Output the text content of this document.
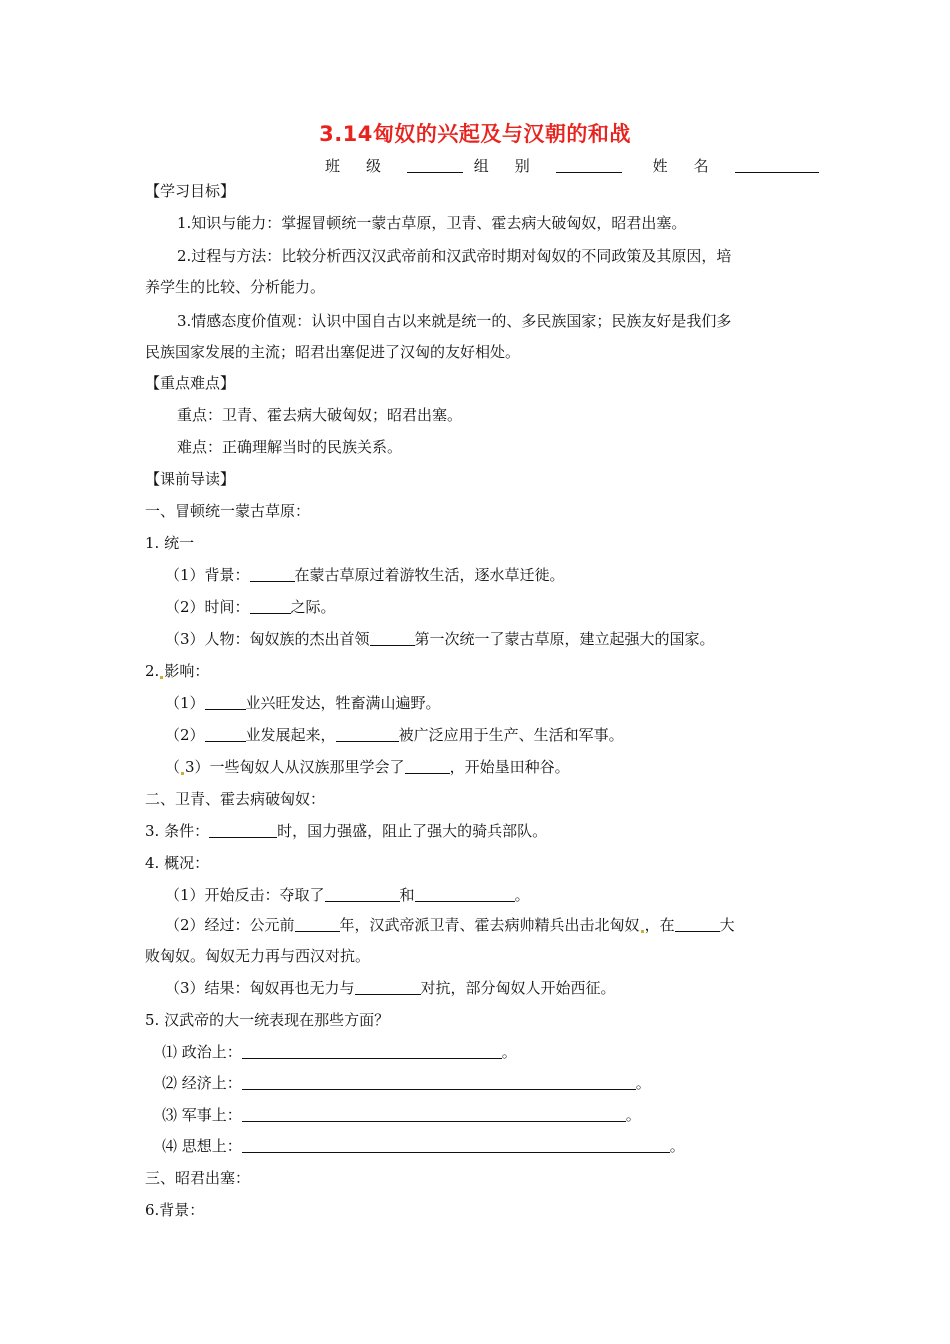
3.14匈奴的兴起及与汉朝的和战
班级	组别	姓名
【学习目标】
1.知识与能力：掌握冒顿统一蒙古草原，卫青、霍去病大破匈奴，昭君出塞。
2.过程与方法：比较分析西汉汉武帝前和汉武帝时期对匈奴的不同政策及其原因，培
养学生的比较、分析能力。
3.情感态度价值观：认识中国自古以来就是统一的、多民族国家；民族友好是我们多
民族国家发展的主流；昭君出塞促进了汉匈的友好相处。
【重点难点】
重点：卫青、霍去病大破匈奴；昭君出塞。
难点：正确理解当时的民族关系。
【课前导读】
一、冒顿统一蒙古草原：
1. 统一
（1）背景：	在蒙古草原过着游牧生活，逐水草迁徙。
（2）时间：	之际。
（3）人物：匈奴族的杰出首领	第一次统一了蒙古草原，建立起强大的国家。
2. 影响：
（1）	业兴旺发达，牲畜满山遍野。
（2）	业发展起来，	被广泛应用于生产、生活和军事。
（ 3）一些匈奴人从汉族那里学会了	，开始垦田种谷。
二、卫青、霍去病破匈奴：
3. 条件：	时，国力强盛，阻止了强大的骑兵部队。
4. 概况：
（1）开始反击：夺取了	和	。
（2）经过：公元前	年，汉武帝派卫青、霍去病帅精兵出击北匈奴 ，在	大
败匈奴。匈奴无力再与西汉对抗。
（3）结果：匈奴再也无力与	对抗，部分匈奴人开始西征。
5. 汉武帝的大一统表现在那些方面？
⑴ 政治上：	。
⑵ 经济上：	。
⑶ 军事上：	。
⑷ 思想上：	。
三、昭君出塞：
6.背景：
